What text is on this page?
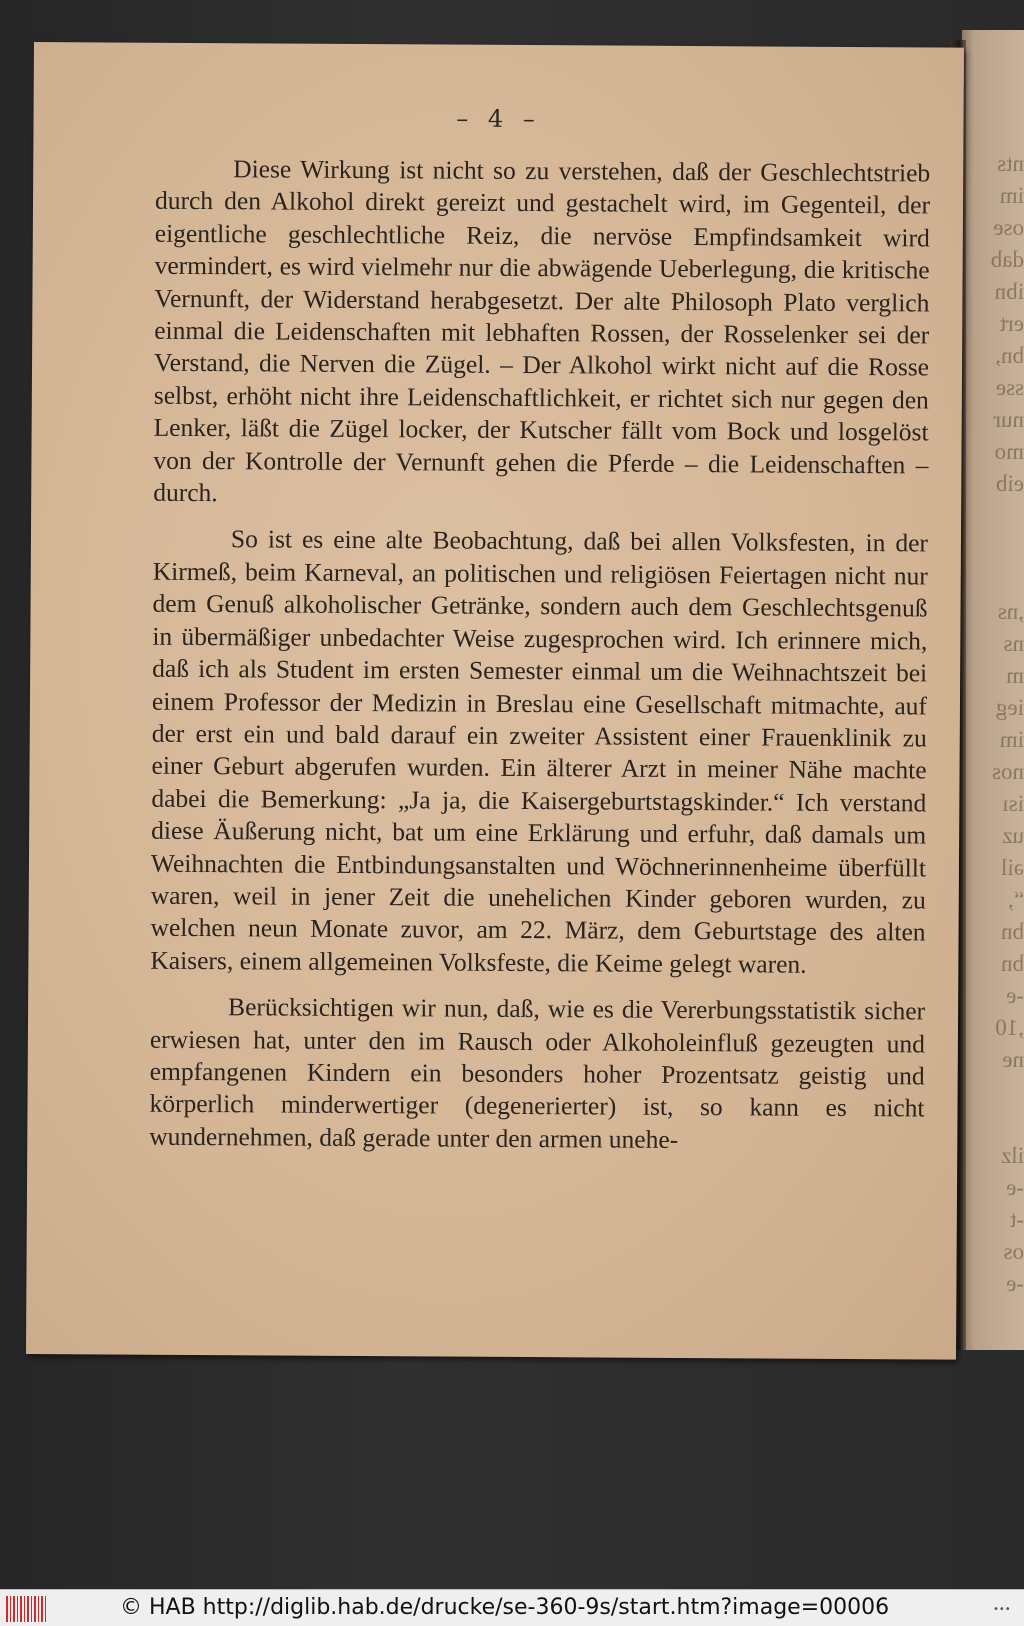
nts
im
ose
dab
ibn
ert
bn,
sse
nur
mo
eib

,ns
ns
m
ieg
im
nos
isı
uz
əil
“,
bn
bn
-e
,10
ne

ilz
-e
-t
os
-e
– 4 –

Diese Wirkung ist nicht so zu verstehen, daß der Geschlechtstrieb durch den Alkohol direkt gereizt und gestachelt wird, im Gegenteil, der eigentliche geschlechtliche Reiz, die nervöse Empfindsamkeit wird vermindert, es wird vielmehr nur die abwägende Ueberlegung, die kritische Vernunft, der Widerstand herabgesetzt. Der alte Philosoph Plato verglich einmal die Leidenschaften mit lebhaften Rossen, der Rosselenker sei der Verstand, die Nerven die Zügel. – Der Alkohol wirkt nicht auf die Rosse selbst, erhöht nicht ihre Leidenschaftlichkeit, er richtet sich nur gegen den Lenker, läßt die Zügel locker, der Kutscher fällt vom Bock und losgelöst von der Kontrolle der Vernunft gehen die Pferde – die Leidenschaften – durch.

So ist es eine alte Beobachtung, daß bei allen Volksfesten, in der Kirmeß, beim Karneval, an politischen und religiösen Feiertagen nicht nur dem Genuß alkoholischer Getränke, sondern auch dem Geschlechtsgenuß in übermäßiger unbedachter Weise zugesprochen wird. Ich erinnere mich, daß ich als Student im ersten Semester einmal um die Weihnachtszeit bei einem Professor der Medizin in Breslau eine Gesellschaft mitmachte, auf der erst ein und bald darauf ein zweiter Assistent einer Frauenklinik zu einer Geburt abgerufen wurden. Ein älterer Arzt in meiner Nähe machte dabei die Bemerkung: „Ja ja, die Kaisergeburtstagskinder.“ Ich verstand diese Äußerung nicht, bat um eine Erklärung und erfuhr, daß damals um Weihnachten die Entbindungsanstalten und Wöchnerinnenheime überfüllt waren, weil in jener Zeit die unehelichen Kinder geboren wurden, zu welchen neun Monate zuvor, am 22. März, dem Geburtstage des alten Kaisers, einem allgemeinen Volksfeste, die Keime gelegt waren.

Berücksichtigen wir nun, daß, wie es die Vererbungsstatistik sicher erwiesen hat, unter den im Rausch oder Alkoholeinfluß gezeugten und empfangenen Kindern ein besonders hoher Prozentsatz geistig und körperlich minderwertiger (degenerierter) ist, so kann es nicht wundernehmen, daß gerade unter den armen unehe-

© HAB http://diglib.hab.de/drucke/se-360-9s/start.htm?image=00006	•••
